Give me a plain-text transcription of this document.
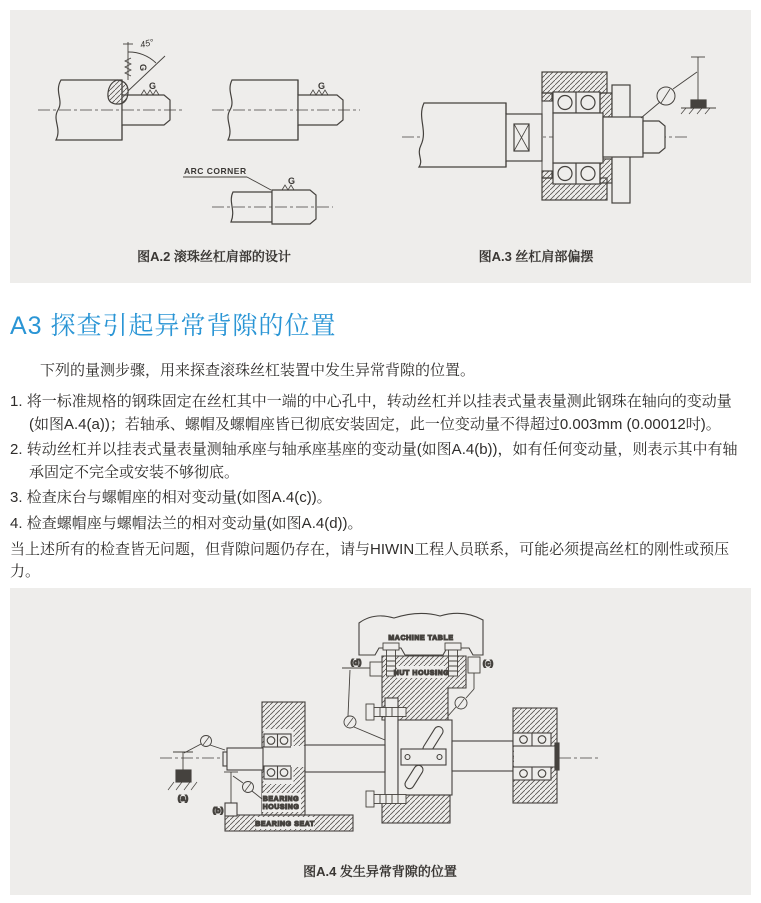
45°
G
G	G
ARC CORNER
G
图A.2 滚珠丝杠肩部的设计	图A.3 丝杠肩部偏摆
A3 探查引起异常背隙的位置

下列的量测步骤，用来探查滚珠丝杠装置中发生异常背隙的位置。

1. 将一标准规格的钢珠固定在丝杠其中一端的中心孔中，转动丝杠并以挂表式量表量测此钢珠在轴向的变动量(如图A.4(a))；若轴承、螺帽及螺帽座皆已彻底安装固定，此一位变动量不得超过0.003mm (0.00012吋)。
2. 转动丝杠并以挂表式量表量测轴承座与轴承座基座的变动量(如图A.4(b))，如有任何变动量，则表示其中有轴承固定不完全或安装不够彻底。
3. 检查床台与螺帽座的相对变动量(如图A.4(c))。
4. 检查螺帽座与螺帽法兰的相对变动量(如图A.4(d))。

当上述所有的检查皆无问题，但背隙问题仍存在，请与HIWIN工程人员联系，可能必须提高丝杠的刚性或预压力。

MACHINE TABLE
NUT HOUSING
BEARING SEAT
BEARING
HOUSING
(a)
(b)
(c)
(d)
图A.4 发生异常背隙的位置
